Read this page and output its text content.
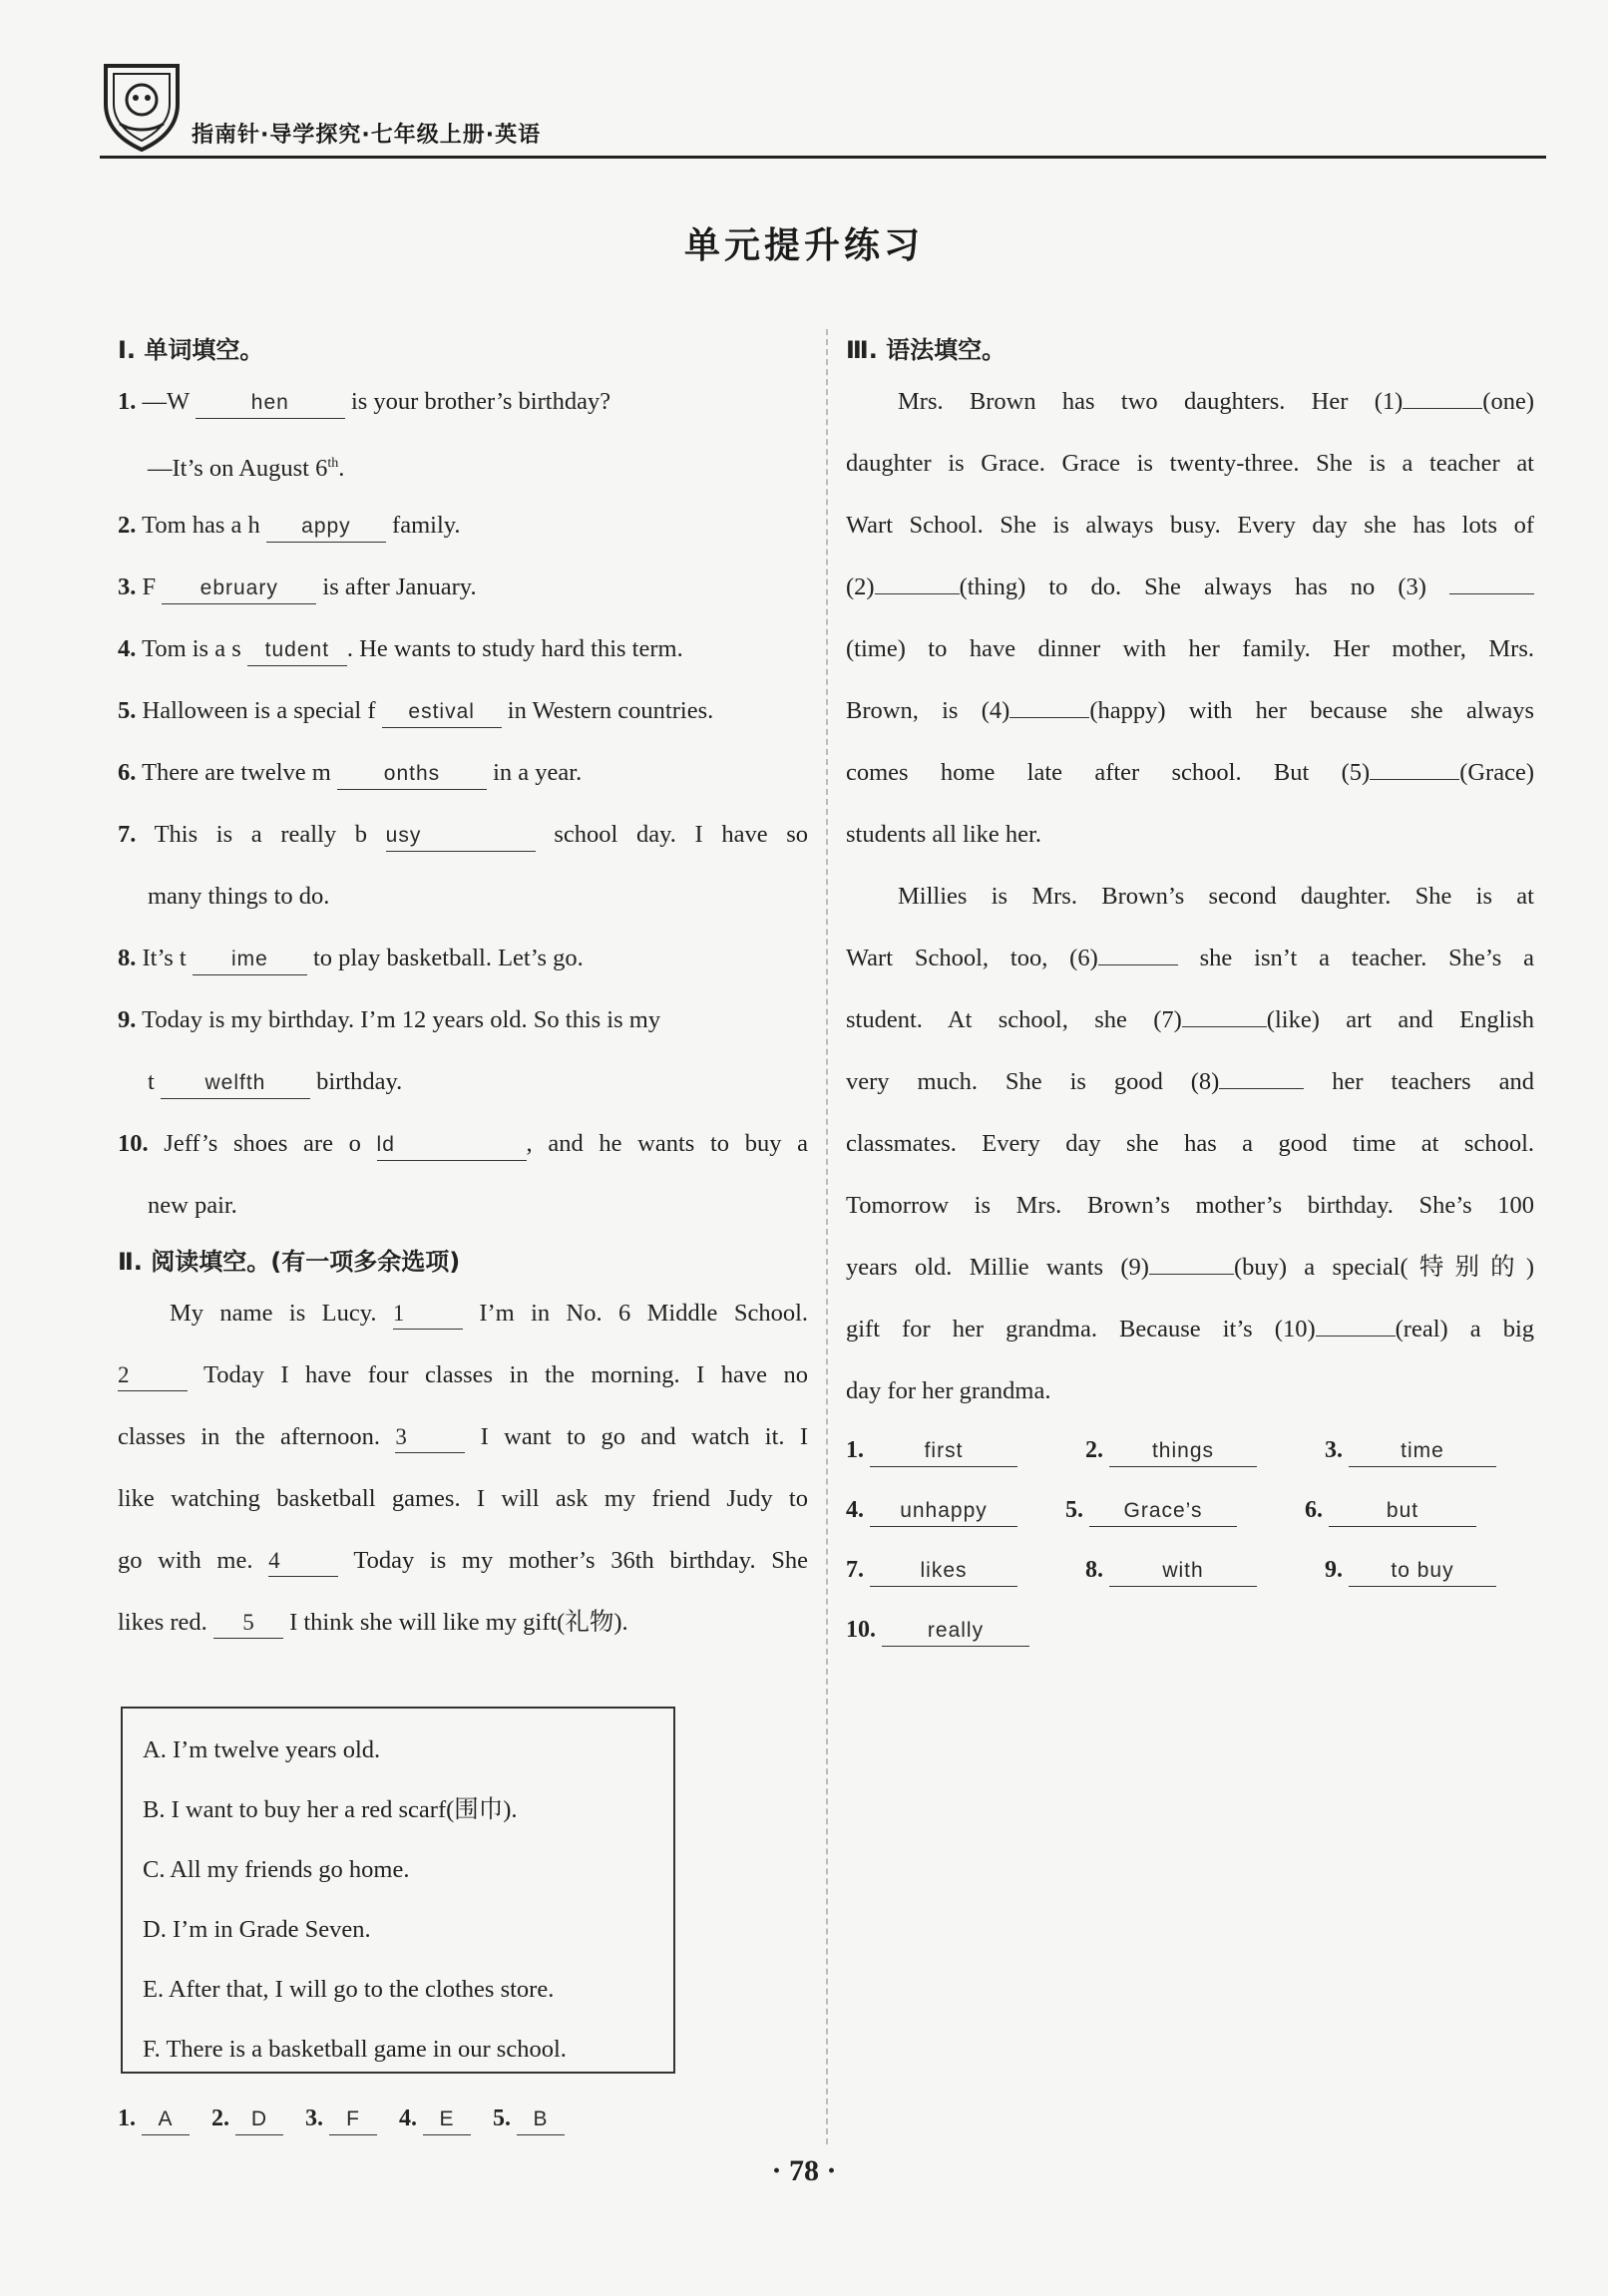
指南针·导学探究·七年级上册·英语
单元提升练习
Ⅰ. 单词填空。
1. —W	hen	is your brother’s birthday?
—It’s on August 6th.
2. Tom has a h appy family.
3. F ebruary is after January.
4. Tom is a s tudent . He wants to study hard this term.
5. Halloween is a special f estival in Western countries.
6. There are twelve m	onths in a year.
7. This is a really b usy	school day. I have so
many things to do.
8. It’s t ime to play basketball. Let’s go.
9. Today is my birthday. I’m 12 years old. So this is my
t welfth birthday.
10. Jeff’s shoes are o ld	, and he wants to buy a
new pair.
Ⅱ. 阅读填空。(有一项多余选项)
My name is Lucy. 1	I’m in No. 6 Middle School.
2	Today I have four classes in the morning. I have no
classes in the afternoon. 3	I want to go and watch it. I
like watching basketball games. I will ask my friend Judy to
go with me. 4	Today is my mother’s 36th birthday. She
likes red. 5 I think she will like my gift(礼物).
A. I’m twelve years old.
B. I want to buy her a red scarf(围巾).
C. All my friends go home.
D. I’m in Grade Seven.
E. After that, I will go to the clothes store.
F. There is a basketball game in our school.
1. A 2. D 3. F 4. E 5. B
Ⅲ. 语法填空。
Mrs. Brown has two daughters. Her (1)	(one)
daughter is Grace. Grace is twenty-three. She is a teacher at
Wart School. She is always busy. Every day she has lots of
(2)	(thing) to do. She always has no (3)
(time) to have dinner with her family. Her mother, Mrs.
Brown, is (4)	(happy) with her because she always
comes home late after school. But (5)	(Grace)
students all like her.
Millies is Mrs. Brown’s second daughter. She is at
Wart School, too, (6)	she isn’t a teacher. She’s a
student. At school, she (7)	(like) art and English
very much. She is good (8)	her teachers and
classmates. Every day she has a good time at school.
Tomorrow is Mrs. Brown’s mother’s birthday. She’s 100
years old. Millie wants (9)	(buy) a special(特别的)
gift for her grandma. Because it’s (10)	(real) a big
day for her grandma.
1.	first	2. things	3.	time
4. unhappy	5. Grace’s	6.	but
7.	likes	8.	with	9. to buy
10. really
· 78 ·
